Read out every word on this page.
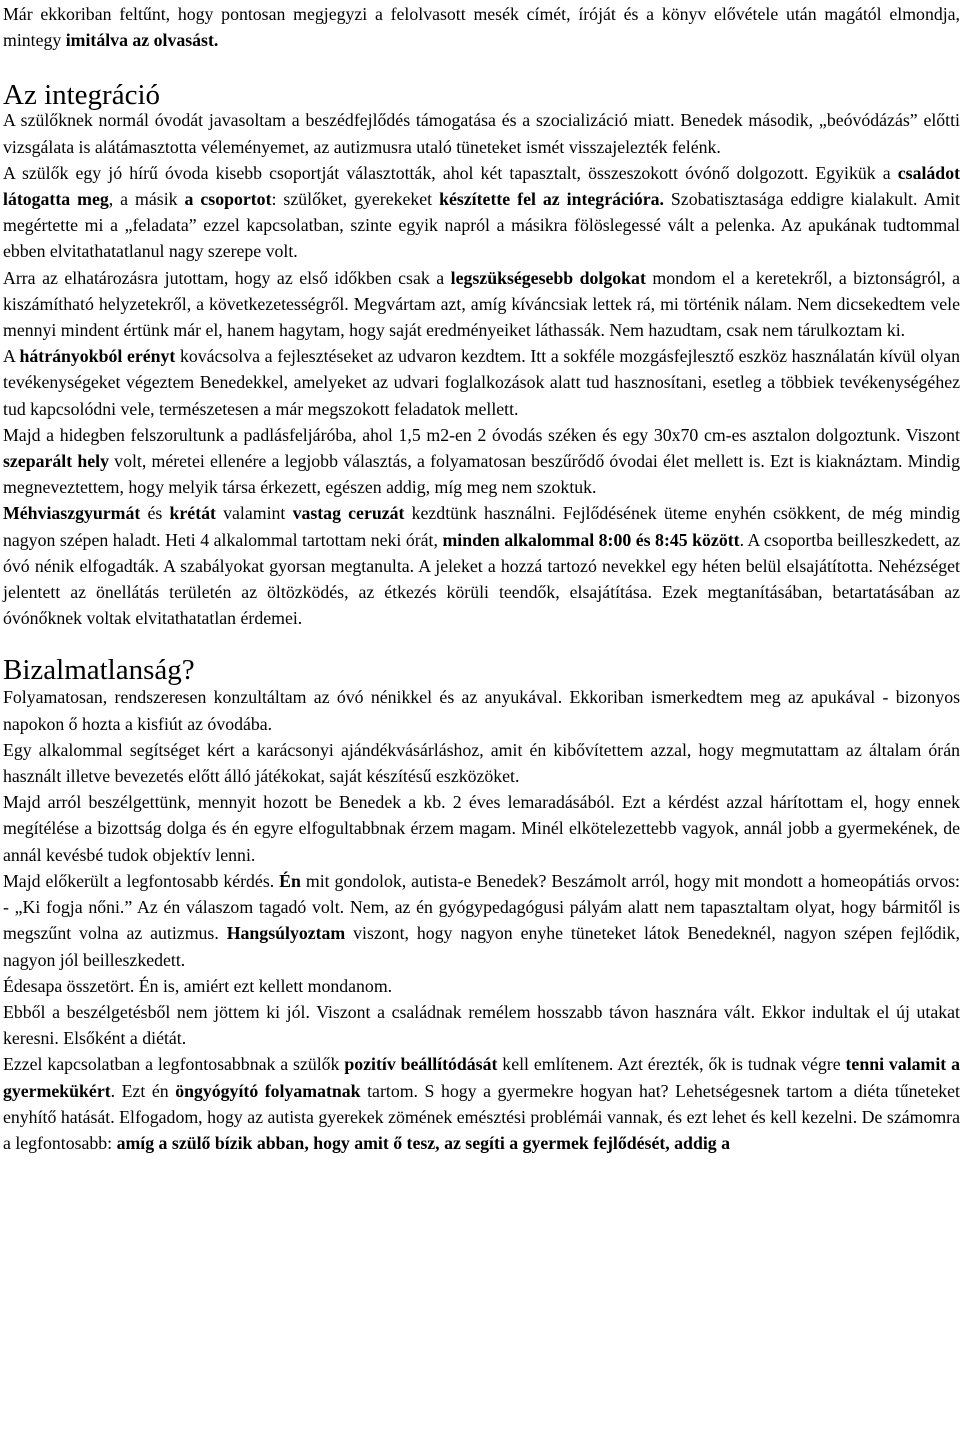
Már ekkoriban feltűnt, hogy pontosan megjegyzi a felolvasott mesék címét, íróját és a könyv elővétele után magától elmondja, mintegy imitálva az olvasást.

Az integráció

A szülőknek normál óvodát javasoltam a beszédfejlődés támogatása és a szocializáció miatt. Benedek második, „beóvódázás” előtti vizsgálata is alátámasztotta véleményemet, az autizmusra utaló tüneteket ismét visszajelezték felénk.

A szülők egy jó hírű óvoda kisebb csoportját választották, ahol két tapasztalt, összeszokott óvónő dolgozott. Egyikük a családot látogatta meg, a másik a csoportot: szülőket, gyerekeket készítette fel az integrációra. Szobatisztasága eddigre kialakult. Amit megértette mi a „feladata” ezzel kapcsolatban, szinte egyik napról a másikra fölöslegessé vált a pelenka. Az apukának tudtommal ebben elvitathatatlanul nagy szerepe volt.

Arra az elhatározásra jutottam, hogy az első időkben csak a legszükségesebb dolgokat mondom el a keretekről, a biztonságról, a kiszámítható helyzetekről, a következetességről. Megvártam azt, amíg kíváncsiak lettek rá, mi történik nálam. Nem dicsekedtem vele mennyi mindent értünk már el, hanem hagytam, hogy saját eredményeiket láthassák. Nem hazudtam, csak nem tárulkoztam ki.

A hátrányokból erényt kovácsolva a fejlesztéseket az udvaron kezdtem. Itt a sokféle mozgásfejlesztő eszköz használatán kívül olyan tevékenységeket végeztem Benedekkel, amelyeket az udvari foglalkozások alatt tud hasznosítani, esetleg a többiek tevékenységéhez tud kapcsolódni vele, természetesen a már megszokott feladatok mellett.

Majd a hidegben felszorultunk a padlásfeljáróba, ahol 1,5 m2-en 2 óvodás széken és egy 30x70 cm-es asztalon dolgoztunk. Viszont szeparált hely volt, méretei ellenére a legjobb választás, a folyamatosan beszűrődő óvodai élet mellett is. Ezt is kiaknáztam. Mindig megneveztettem, hogy melyik társa érkezett, egészen addig, míg meg nem szoktuk.

Méhviaszgyurmát és krétát valamint vastag ceruzát kezdtünk használni. Fejlődésének üteme enyhén csökkent, de még mindig nagyon szépen haladt. Heti 4 alkalommal tartottam neki órát, minden alkalommal 8:00 és 8:45 között. A csoportba beilleszkedett, az óvó nénik elfogadták. A szabályokat gyorsan megtanulta. A jeleket a hozzá tartozó nevekkel egy héten belül elsajátította. Nehézséget jelentett az önellátás területén az öltözködés, az étkezés körüli teendők, elsajátítása. Ezek megtanításában, betartatásában az óvónőknek voltak elvitathatatlan érdemei.

Bizalmatlanság?

Folyamatosan, rendszeresen konzultáltam az óvó nénikkel és az anyukával. Ekkoriban ismerkedtem meg az apukával - bizonyos napokon ő hozta a kisfiút az óvodába.

Egy alkalommal segítséget kért a karácsonyi ajándékvásárláshoz, amit én kibővítettem azzal, hogy megmutattam az általam órán használt illetve bevezetés előtt álló játékokat, saját készítésű eszközöket.

Majd arról beszélgettünk, mennyit hozott be Benedek a kb. 2 éves lemaradásából. Ezt a kérdést azzal hárítottam el, hogy ennek megítélése a bizottság dolga és én egyre elfogultabbnak érzem magam. Minél elkötelezettebb vagyok, annál jobb a gyermekének, de annál kevésbé tudok objektív lenni.

Majd előkerült a legfontosabb kérdés. Én mit gondolok, autista-e Benedek? Beszámolt arról, hogy mit mondott a homeopátiás orvos: - „Ki fogja nőni.” Az én válaszom tagadó volt. Nem, az én gyógypedagógusi pályám alatt nem tapasztaltam olyat, hogy bármitől is megszűnt volna az autizmus. Hangsúlyoztam viszont, hogy nagyon enyhe tüneteket látok Benedeknél, nagyon szépen fejlődik, nagyon jól beilleszkedett.

Édesapa összetört. Én is, amiért ezt kellett mondanom.

Ebből a beszélgetésből nem jöttem ki jól. Viszont a családnak remélem hosszabb távon hasznára vált. Ekkor indultak el új utakat keresni. Elsőként a diétát.

Ezzel kapcsolatban a legfontosabbnak a szülők pozitív beállítódását kell említenem. Azt érezték, ők is tudnak végre tenni valamit a gyermekükért. Ezt én öngyógyító folyamatnak tartom. S hogy a gyermekre hogyan hat? Lehetségesnek tartom a diéta tűneteket enyhítő hatását. Elfogadom, hogy az autista gyerekek zömének emésztési problémái vannak, és ezt lehet és kell kezelni. De számomra a legfontosabb: amíg a szülő bízik abban, hogy amit ő tesz, az segíti a gyermek fejlődését, addig a
